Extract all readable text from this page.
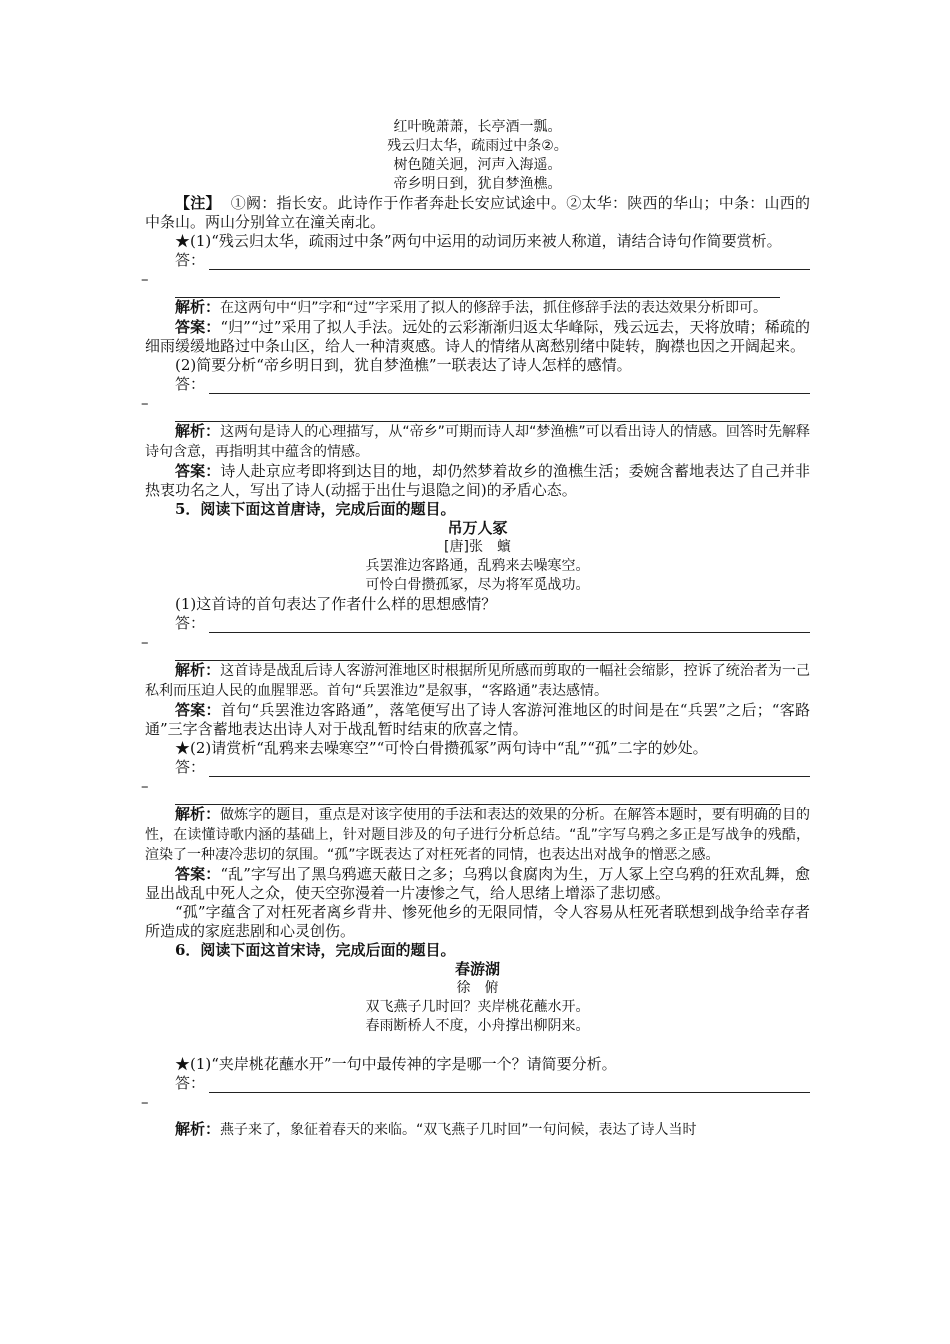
红叶晚萧萧，长亭酒一瓢。
残云归太华，疏雨过中条②。
树色随关迥，河声入海遥。
帝乡明日到，犹自梦渔樵。

【注】 ①阙：指长安。此诗作于作者奔赴长安应试途中。②太华：陕西的华山；中条：山西的中条山。两山分别耸立在潼关南北。

★(1)“残云归太华，疏雨过中条”两句中运用的动词历来被人称道，请结合诗句作简要赏析。

答：

–

解析：在这两句中“归”字和“过”字采用了拟人的修辞手法，抓住修辞手法的表达效果分析即可。

答案：“归”“过”采用了拟人手法。远处的云彩渐渐归返太华峰际，残云远去，天将放晴；稀疏的细雨缓缓地路过中条山区，给人一种清爽感。诗人的情绪从离愁别绪中陡转，胸襟也因之开阔起来。

(2)简要分析“帝乡明日到，犹自梦渔樵”一联表达了诗人怎样的感情。

答：

–

解析：这两句是诗人的心理描写，从“帝乡”可期而诗人却“梦渔樵”可以看出诗人的情感。回答时先解释诗句含意，再指明其中蕴含的情感。

答案：诗人赴京应考即将到达目的地，却仍然梦着故乡的渔樵生活；委婉含蓄地表达了自己并非热衷功名之人，写出了诗人(动摇于出仕与退隐之间)的矛盾心态。

5．阅读下面这首唐诗，完成后面的题目。

吊万人冢
[唐]张　蠙
兵罢淮边客路通，乱鸦来去噪寒空。
可怜白骨攒孤冢，尽为将军觅战功。

(1)这首诗的首句表达了作者什么样的思想感情？

答：

–

解析：这首诗是战乱后诗人客游河淮地区时根据所见所感而剪取的一幅社会缩影，控诉了统治者为一己私利而压迫人民的血腥罪恶。首句“兵罢淮边”是叙事，“客路通”表达感情。

答案：首句“兵罢淮边客路通”，落笔便写出了诗人客游河淮地区的时间是在“兵罢”之后；“客路通”三字含蓄地表达出诗人对于战乱暂时结束的欣喜之情。

★(2)请赏析“乱鸦来去噪寒空”“可怜白骨攒孤冢”两句诗中“乱”“孤”二字的妙处。

答：

–

解析：做炼字的题目，重点是对该字使用的手法和表达的效果的分析。在解答本题时，要有明确的目的性，在读懂诗歌内涵的基础上，针对题目涉及的句子进行分析总结。“乱”字写乌鸦之多正是写战争的残酷，渲染了一种凄冷悲切的氛围。“孤”字既表达了对枉死者的同情，也表达出对战争的憎恶之感。

答案：“乱”字写出了黑乌鸦遮天蔽日之多；乌鸦以食腐肉为生，万人冢上空乌鸦的狂欢乱舞，愈显出战乱中死人之众，使天空弥漫着一片凄惨之气，给人思绪上增添了悲切感。

“孤”字蕴含了对枉死者离乡背井、惨死他乡的无限同情，令人容易从枉死者联想到战争给幸存者所造成的家庭悲剧和心灵创伤。

6．阅读下面这首宋诗，完成后面的题目。

春游湖
徐　俯
双飞燕子几时回？夹岸桃花蘸水开。
春雨断桥人不度，小舟撑出柳阴来。

★(1)“夹岸桃花蘸水开”一句中最传神的字是哪一个？请简要分析。

答：

–

解析：燕子来了，象征着春天的来临。“双飞燕子几时回”一句问候，表达了诗人当时
